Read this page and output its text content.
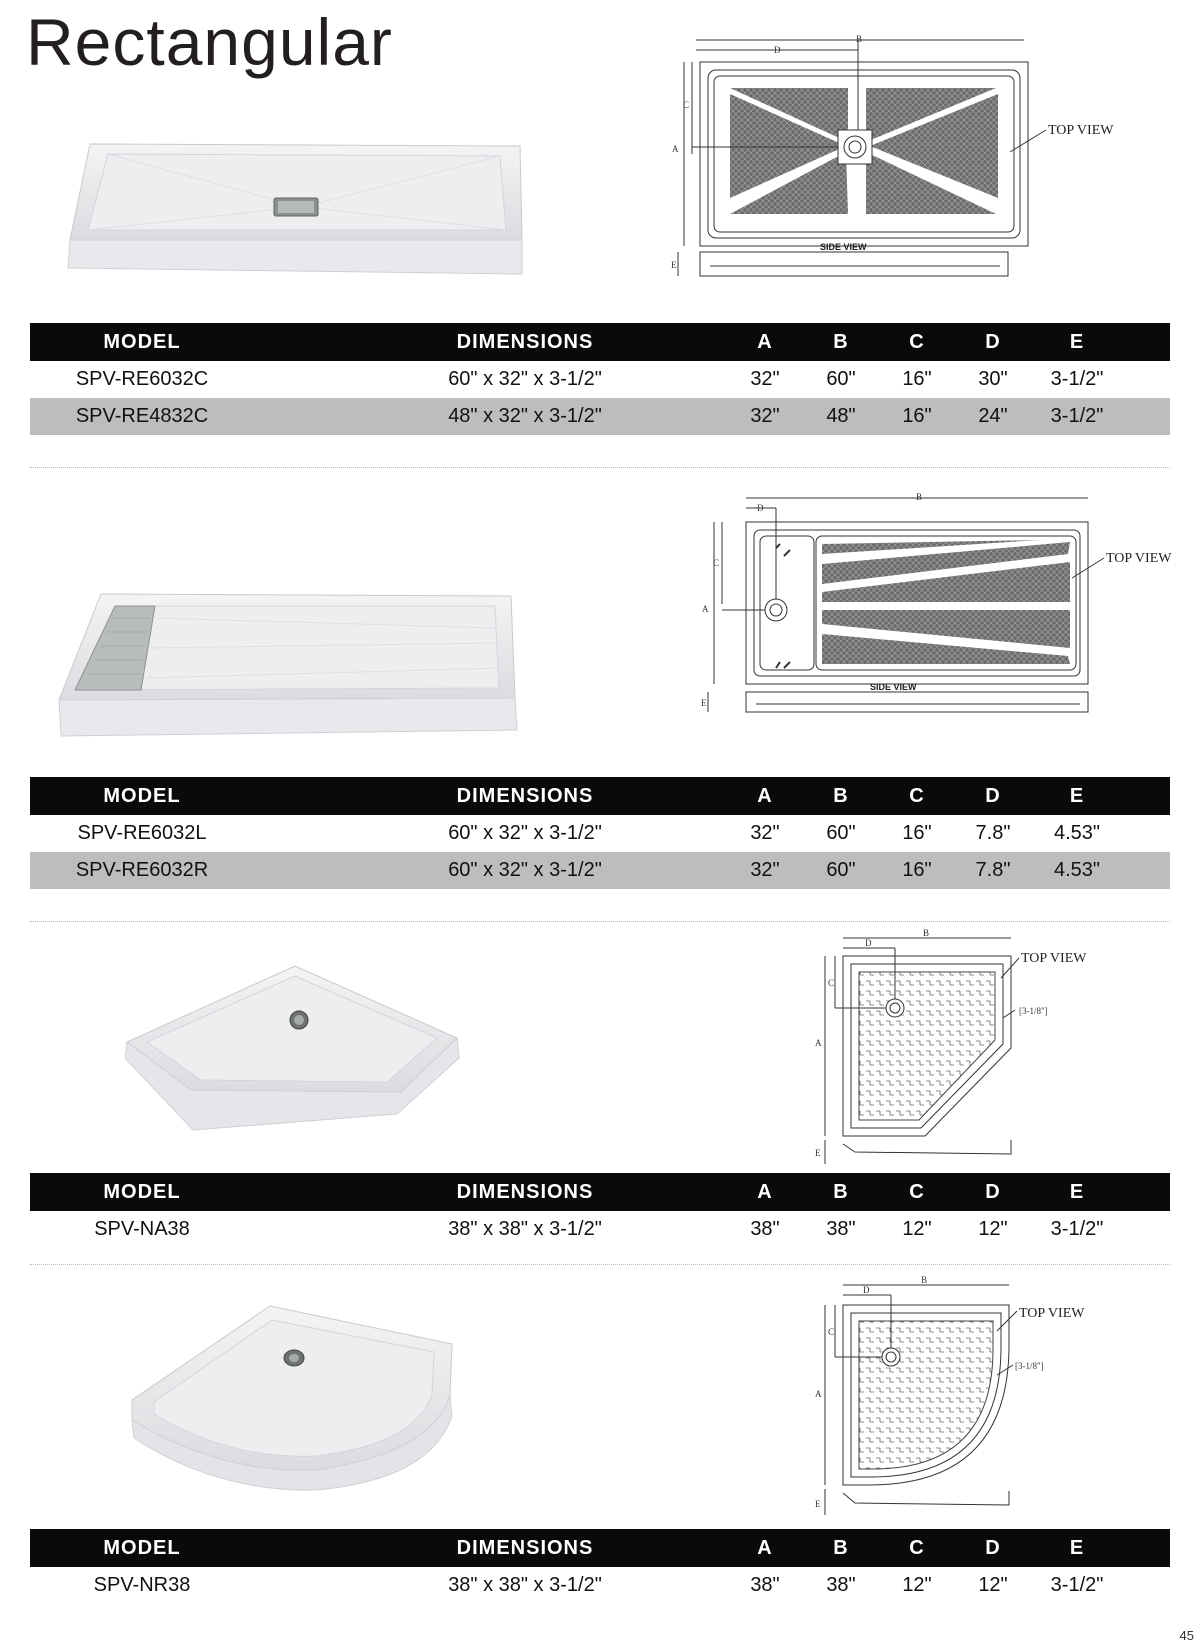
Rectangular	B
D
C
A
E
TOP VIEW
SIDE VIEW
MODEL	DIMENSIONS	A	B	C	D	E
SPV-RE6032C	60" x 32" x 3-1/2"	32"	60"	16"	30"	3-1/2"
SPV-RE4832C	48" x 32" x 3-1/2"	32"	48"	16"	24"	3-1/2"
B
D
C
A
E
TOP VIEW
SIDE VIEW
MODEL	DIMENSIONS	A	B	C	D	E
SPV-RE6032L	60" x 32" x 3-1/2"	32"	60"	16"	7.8"	4.53"
SPV-RE6032R	60" x 32" x 3-1/2"	32"	60"	16"	7.8"	4.53"
B
D
C
A
E
TOP VIEW
[3-1/8"]
MODEL	DIMENSIONS	A	B	C	D	E
SPV-NA38	38" x 38" x 3-1/2"	38"	38"	12"	12"	3-1/2"
B
D
C
A
E
TOP VIEW
[3-1/8"]
MODEL	DIMENSIONS	A	B	C	D	E
SPV-NR38	38" x 38" x 3-1/2"	38"	38"	12"	12"	3-1/2"
45
